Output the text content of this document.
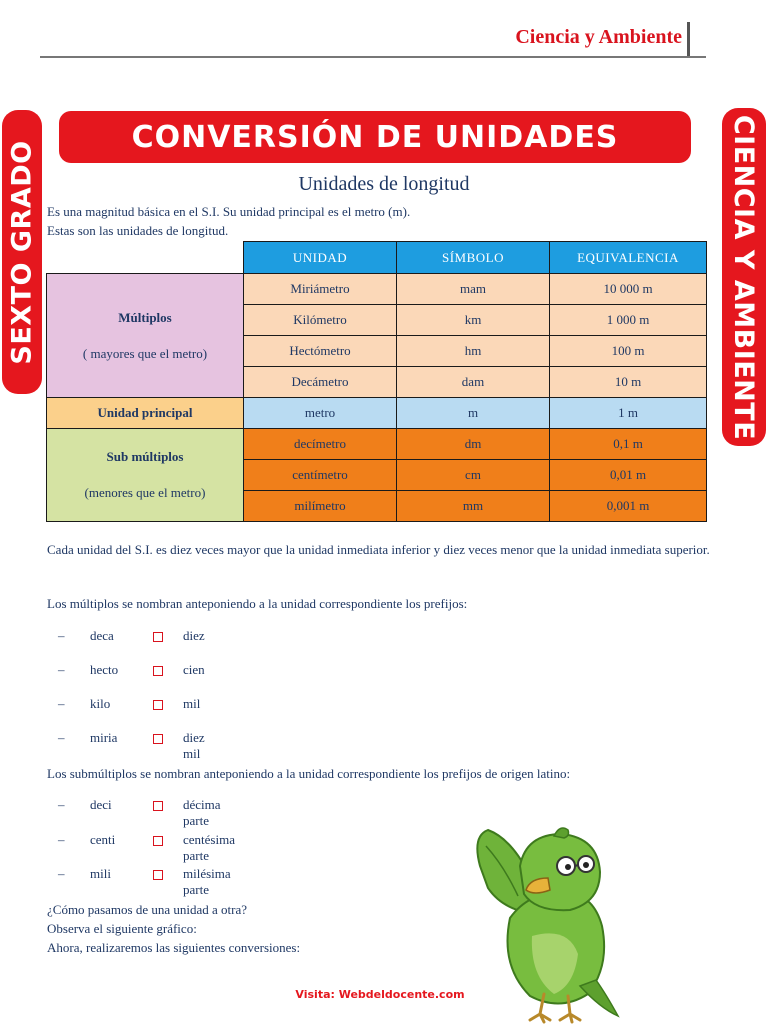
Ciencia y Ambiente
SEXTO GRADO	CIENCIA Y AMBIENTE
CONVERSIÓN DE UNIDADES
Unidades de longitud
Es una magnitud básica en el S.I. Su unidad principal es el metro (m).
Estas son las unidades de longitud.
	UNIDAD	SÍMBOLO	EQUIVALENCIA

Múltiplos
( mayores que el metro)	Miriámetro	mam	10 000 m
	Kilómetro	km	1 000 m
	Hectómetro	hm	100 m
	Decámetro	dam	10 m
Unidad principal	metro	m	1 m

Sub múltiplos
(menores que el metro)	decímetro	dm	0,1 m
	centímetro	cm	0,01 m
	milímetro	mm	0,001 m
Cada unidad del S.I. es diez veces mayor que la unidad inmediata inferior y diez veces menor que la unidad inmediata superior.
Los múltiplos se nombran anteponiendo a la unidad correspondiente los prefijos:
– deca	diez
– hecto	cien
– kilo	mil
– miria	diez mil
Los submúltiplos se nombran anteponiendo a la unidad correspondiente los prefijos de origen latino:
– deci	décima parte
– centi	centésima parte
– mili	milésima parte
¿Cómo pasamos de una unidad a otra?
Observa el siguiente gráfico:
Ahora, realizaremos las siguientes conversiones:
Visita: Webdeldocente.com
